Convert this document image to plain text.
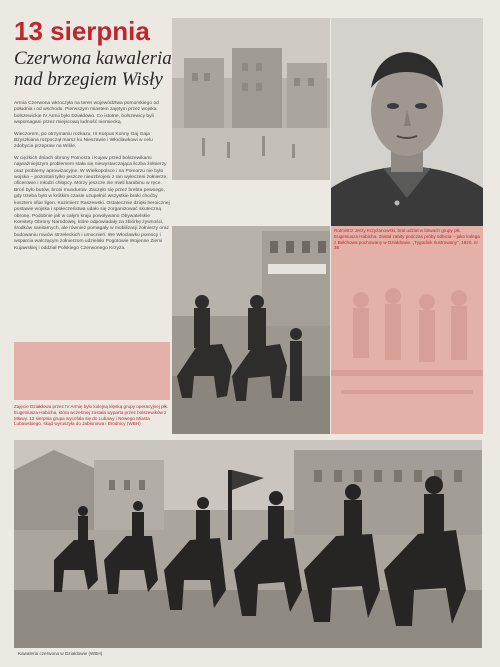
13 sierpnia
Czerwona kawaleria nad brzegiem Wisły

Armia Czerwona wkroczyła na teren województwa pomorskiego od południa i od wschodu. Pierwszym miastem zajętym przez wojska bolszewickie IV Armii było Działdowo. Co istotne, bolszewicy byli wspomagani przez miejscową ludność niemiecką.

Wieczorem, po otrzymaniu rozkazu, III Korpus Konny Gaj Gaja Bżyszkiana rozpoczął marsz ku Nieszawie i Włocławkowi w celu zdobycia przepraw na Wiśle.

W ciężkich dniach obrony Pomorza i Kujaw przed bolszewikami najważniejszym problemem stała się niewystarczająca liczba żołnierzy oraz problemy aprowizacyjne. W Wielkopolsce i na Pomorzu nie było wojska – pozostali tylko jeszcze nieuzbrojeni z ran wyleczeni żołnierze, oficerowie i młodzi chłopcy. Mórzy jeszcze nie mieli karabinu w ręce. Broń było butów, broni mundurów. Zaczęło się przez brebta pewnego, gdy trzeba było w krótkim czasie uzupełnić wszystkie braki choćby kosztem ofiar ligen. Kazimierz Raszewski. Ostatecznie dzięki heroicznej postawie wojska i społeczeństwa udało się zorganizować skuteczną obronę. Podobnie jak w całym kraju powoływano Obywatelskie Komitety Obrony Narodowej, które odpowiadały za zbiórkę żywności, środków sanitarnych, ale również pomagały w mobilizacji żołnierzy oraz budowaniu rowów strzeleckich i umocnień. We Włocławku pomocy i wsparcia walczącym żołnierzom udzielało Pogotowie Wojenne Ziemi Kujawskiej i oddział Polskiego Czerwonego Krzyża.

Rotmistrz Jerzy Krzyżanowski, brał udział w bitwach grupy płk. Eugeniusza Habicha. Został zabity podczas próby odbicia – jako kolega z Bełchowa pochowany w Działdowie. „Tygodnik Ilustrowany”, 1920, nr 38
Zajęcie Działdowa przez IV Armię było kolejną klęską grupy operacyjnej płk. Eugeniusza Habicha, która wcześniej została wyparta przez bolszewików z Mławy. 13 sierpnia grupa wycofała się do Lubawy i Nowego Miasta Lubawskiego, skąd wyruszyła do Jabłonowa i Brodnicy (WBH)
Kawaleria czerwona w Działdowie (WBH)
